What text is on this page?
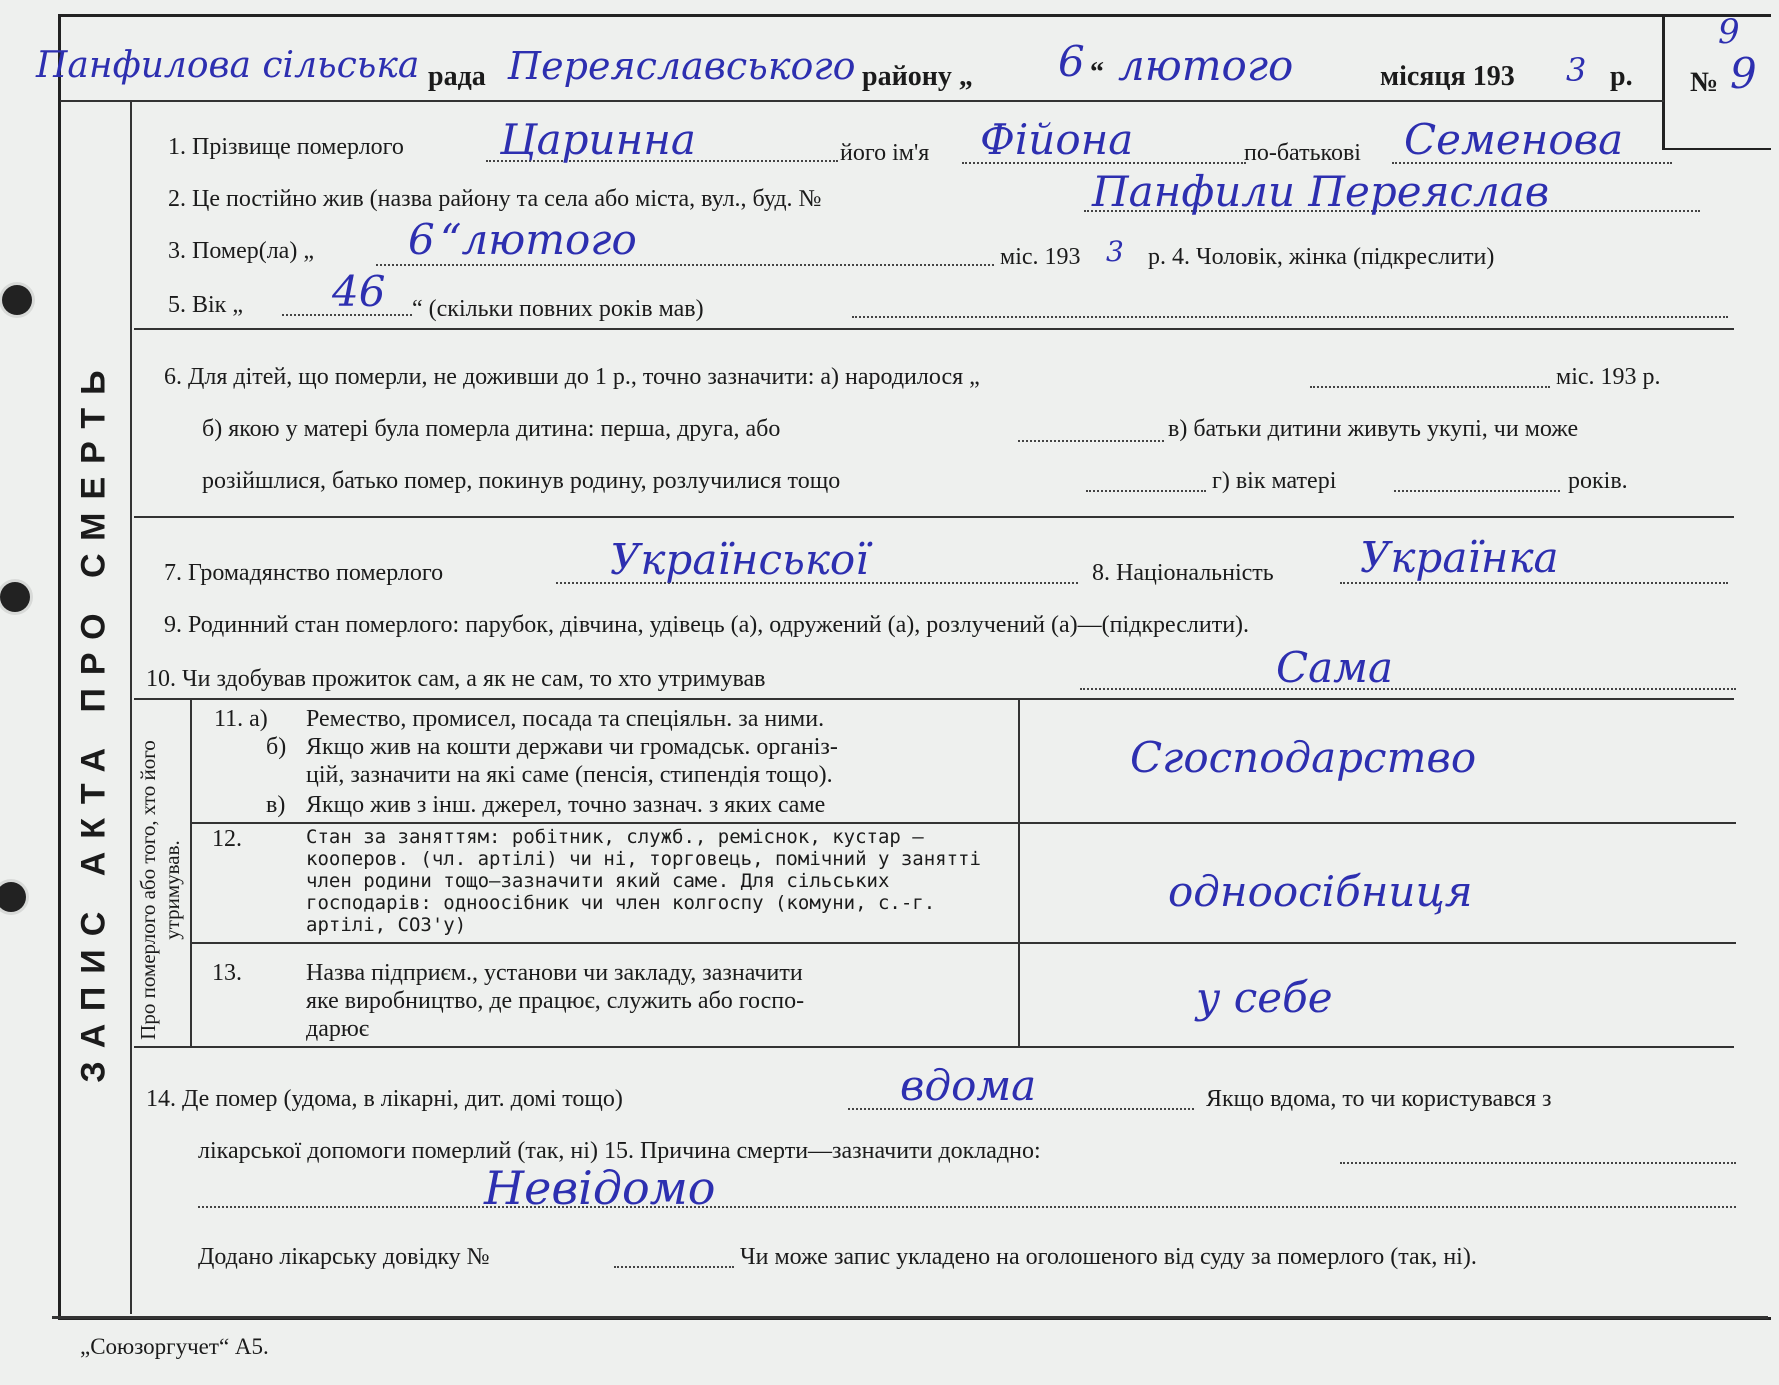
ЗАПИС АКТА ПРО СМЕРТЬ
Панфилова сільська рада Переяславського району „ 6 “ лютого	місяця 193 3 р. № 9
9
1. Прізвище померлого Царинна	його ім'я Фійона	по-батькові Семенова
2. Це постійно жив (назва району та села або міста, вул., буд. №	Панфили Переяслав
3. Помер(ла) „ 6 “лютого	міс. 193 3 р. 4. Чоловік, жінка (підкреслити)
5. Вік „ 46 “ (скільки повних років мав)
6. Для дітей, що померли, не доживши до 1 р., точно зазначити: а) народилося „	міс. 193 р.
б) якою у матері була померла дитина: перша, друга, або	в) батьки дитини живуть укупі, чи може
розійшлися, батько помер, покинув родину, розлучилися тощо	г) вік матері	років.
7. Громадянство померлого	Української	8. Національність Українка
9. Родинний стан померлого: парубок, дівчина, удівець (а), одружений (а), розлучений (а)—(підкреслити).
10. Чи здобував прожиток сам, а як не сам, то хто утримував	Сама
Про померлого або того, хто його утримував.
11. а) Ремество, промисел, посада та спеціяльн. за ними.
б) Якщо жив на кошти держави чи громадськ. організ-
цій, зазначити на які саме (пенсія, стипендія тощо).
в) Якщо жив з інш. джерел, точно зазнач. з яких саме
Сгосподарство
12.	Стан за заняттям: робітник, служб., реміснок, кустар —
кооперов. (чл. артілі) чи ні, торговець, помічний у занятті
член родини тощо—зазначити який саме. Для сільських
господарів: одноосібник чи член колгоспу (комуни, с.-г.
артілі, СОЗ'у)
одноосібниця
13.	Назва підприєм., установи чи закладу, зазначити
яке виробництво, де працює, служить або госпо-
дарює
у себе
14. Де помер (удома, в лікарні, дит. домі тощо)	вдома	Якщо вдома, то чи користувався з
лікарської допомоги померлий (так, ні) 15. Причина смерти—зазначити докладно:
Невідомо
Додано лікарську довідку №	Чи може запис укладено на оголошеного від суду за померлого (так, ні).
„Союзоргучет“ А5.
